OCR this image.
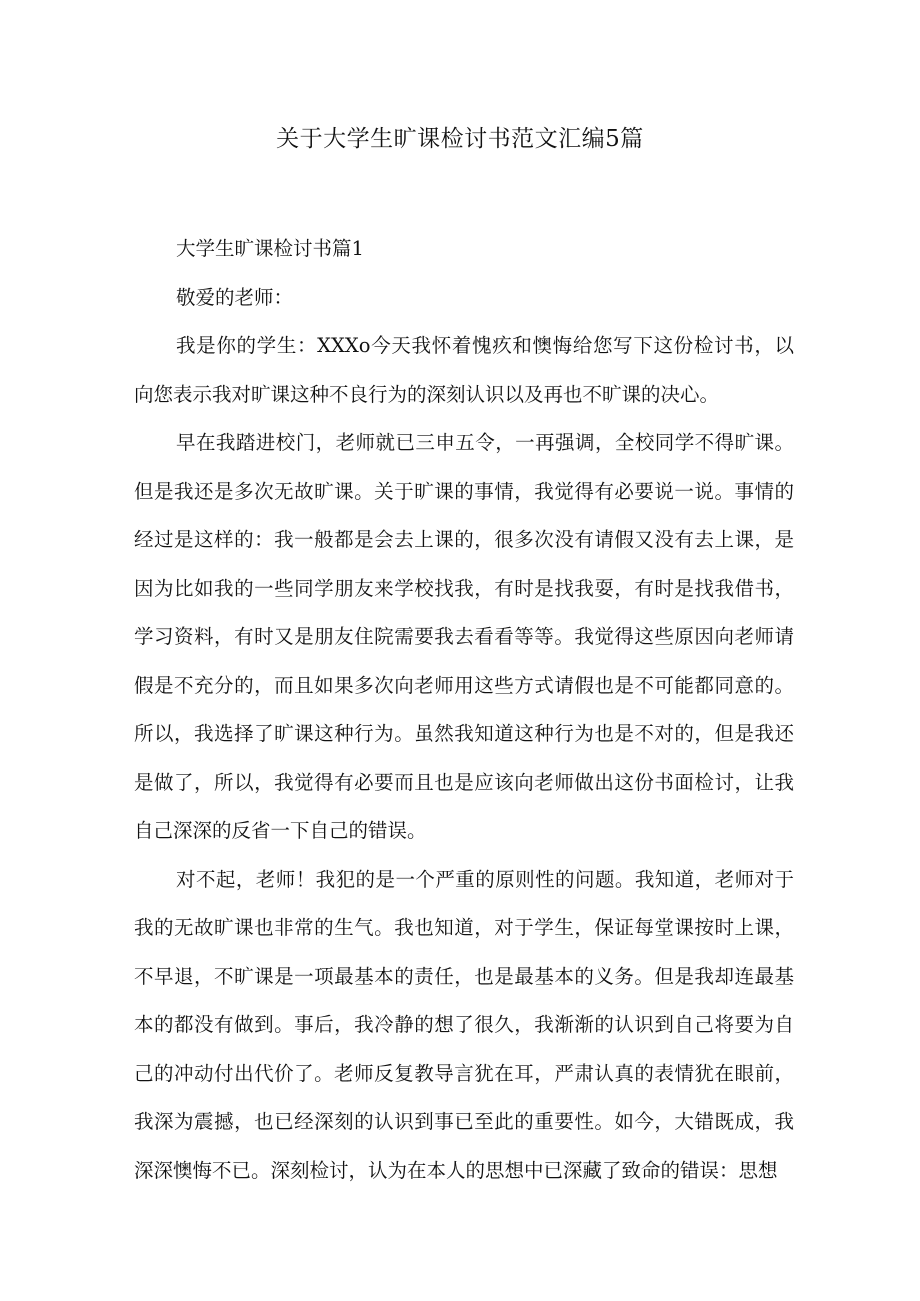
关于大学生旷课检讨书范文汇编5篇

大学生旷课检讨书篇1

敬爱的老师：

我是你的学生：XXXo今天我怀着愧疚和懊悔给您写下这份检讨书，以向您表示我对旷课这种不良行为的深刻认识以及再也不旷课的决心。

早在我踏进校门，老师就已三申五令，一再强调，全校同学不得旷课。但是我还是多次无故旷课。关于旷课的事情，我觉得有必要说一说。事情的经过是这样的：我一般都是会去上课的，很多次没有请假又没有去上课，是因为比如我的一些同学朋友来学校找我，有时是找我耍，有时是找我借书，学习资料，有时又是朋友住院需要我去看看等等。我觉得这些原因向老师请假是不充分的，而且如果多次向老师用这些方式请假也是不可能都同意的。所以，我选择了旷课这种行为。虽然我知道这种行为也是不对的，但是我还是做了，所以，我觉得有必要而且也是应该向老师做出这份书面检讨，让我自己深深的反省一下自己的错误。

对不起，老师！我犯的是一个严重的原则性的问题。我知道，老师对于我的无故旷课也非常的生气。我也知道，对于学生，保证每堂课按时上课，不早退，不旷课是一项最基本的责任，也是最基本的义务。但是我却连最基本的都没有做到。事后，我冷静的想了很久，我渐渐的认识到自己将要为自己的冲动付出代价了。老师反复教导言犹在耳，严肃认真的表情犹在眼前，我深为震撼，也已经深刻的认识到事已至此的重要性。如今，大错既成，我深深懊悔不已。深刻检讨，认为在本人的思想中已深藏了致命的错误：思想
